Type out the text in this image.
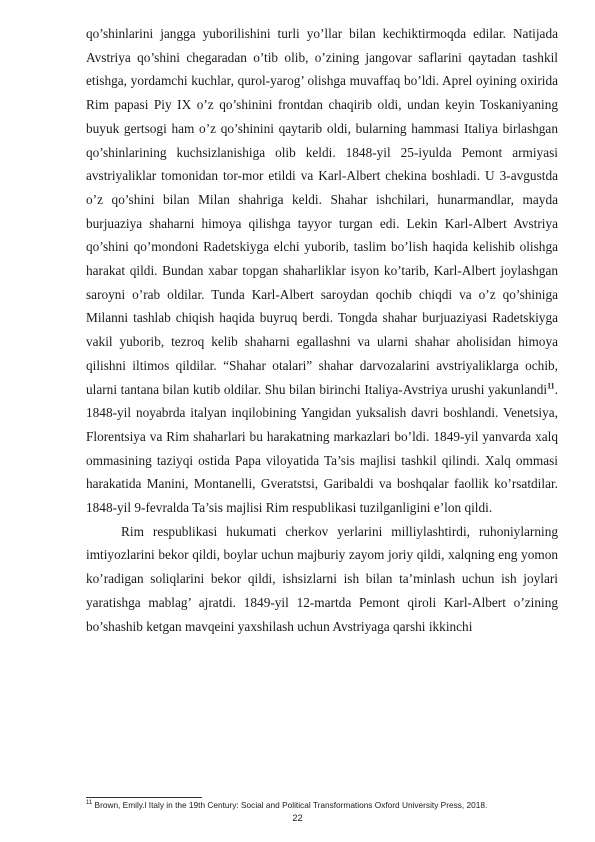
qo’shinlarini jangga yuborilishini turli yo’llar bilan kechiktirmoqda edilar. Natijada Avstriya qo’shini chegaradan o’tib olib, o’zining jangovar saflarini qaytadan tashkil etishga, yordamchi kuchlar, qurol-yarog’ olishga muvaffaq bo’ldi. Aprel oyining oxirida Rim papasi Piy IX o’z qo’shinini frontdan chaqirib oldi, undan keyin Toskaniyaning buyuk gertsogi ham o’z qo’shinini qaytarib oldi, bularning hammasi Italiya birlashgan qo’shinlarining kuchsizlanishiga olib keldi. 1848-yil 25-iyulda Pemont armiyasi avstriyaliklar tomonidan tor-mor etildi va Karl-Albert chekina boshladi. U 3-avgustda o’z qo’shini bilan Milan shahriga keldi. Shahar ishchilari, hunarmandlar, mayda burjuaziya shaharni himoya qilishga tayyor turgan edi. Lekin Karl-Albert Avstriya qo’shini qo’mondoni Radetskiyga elchi yuborib, taslim bo’lish haqida kelishib olishga harakat qildi. Bundan xabar topgan shaharliklar isyon ko’tarib, Karl-Albert joylashgan saroyni o’rab oldilar. Tunda Karl-Albert saroydan qochib chiqdi va o’z qo’shiniga Milanni tashlab chiqish haqida buyruq berdi. Tongda shahar burjuaziyasi Radetskiyga vakil yuborib, tezroq kelib shaharni egallashni va ularni shahar aholisidan himoya qilishni iltimos qildilar. “Shahar otalari” shahar darvozalarini avstriyaliklarga ochib, ularni tantana bilan kutib oldilar. Shu bilan birinchi Italiya-Avstriya urushi yakunlandi$^{11}$. 1848-yil noyabrda italyan inqilobining Yangidan yuksalish davri boshlandi. Venetsiya, Florentsiya va Rim shaharlari bu harakatning markazlari bo’ldi. 1849-yil yanvarda xalq ommasining taziyqi ostida Papa viloyatida Ta’sis majlisi tashkil qilindi. Xalq ommasi harakatida Manini, Montanelli, Gveratstsi, Garibaldi va boshqalar faollik ko’rsatdilar. 1848-yil 9-fevralda Ta’sis majlisi Rim respublikasi tuzilganligini e’lon qildi.

Rim respublikasi hukumati cherkov yerlarini milliylashtirdi, ruhoniylarning imtiyozlarini bekor qildi, boylar uchun majburiy zayom joriy qildi, xalqning eng yomon ko’radigan soliqlarini bekor qildi, ishsizlarni ish bilan ta’minlash uchun ish joylari yaratishga mablag’ ajratdi. 1849-yil 12-martda Pemont qiroli Karl-Albert o’zining bo’shashib ketgan mavqeini yaxshilash uchun Avstriyaga qarshi ikkinchi

$^{11}$ Brown, Emily.l Italy in the 19th Century: Social and Political Transformations Oxford University Press, 2018.
22
